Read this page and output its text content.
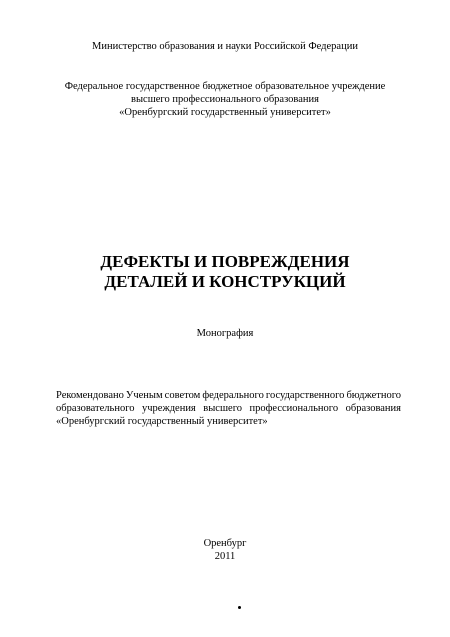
Министерство образования и науки Российской Федерации
Федеральное государственное бюджетное образовательное учреждение
высшего профессионального образования
«Оренбургский государственный университет»
ДЕФЕКТЫ И ПОВРЕЖДЕНИЯ
ДЕТАЛЕЙ И КОНСТРУКЦИЙ
Монография
Рекомендовано Ученым советом федерального государственного бюджетного
образовательного учреждения высшего профессионального образования
«Оренбургский государственный университет»
Оренбург
2011
